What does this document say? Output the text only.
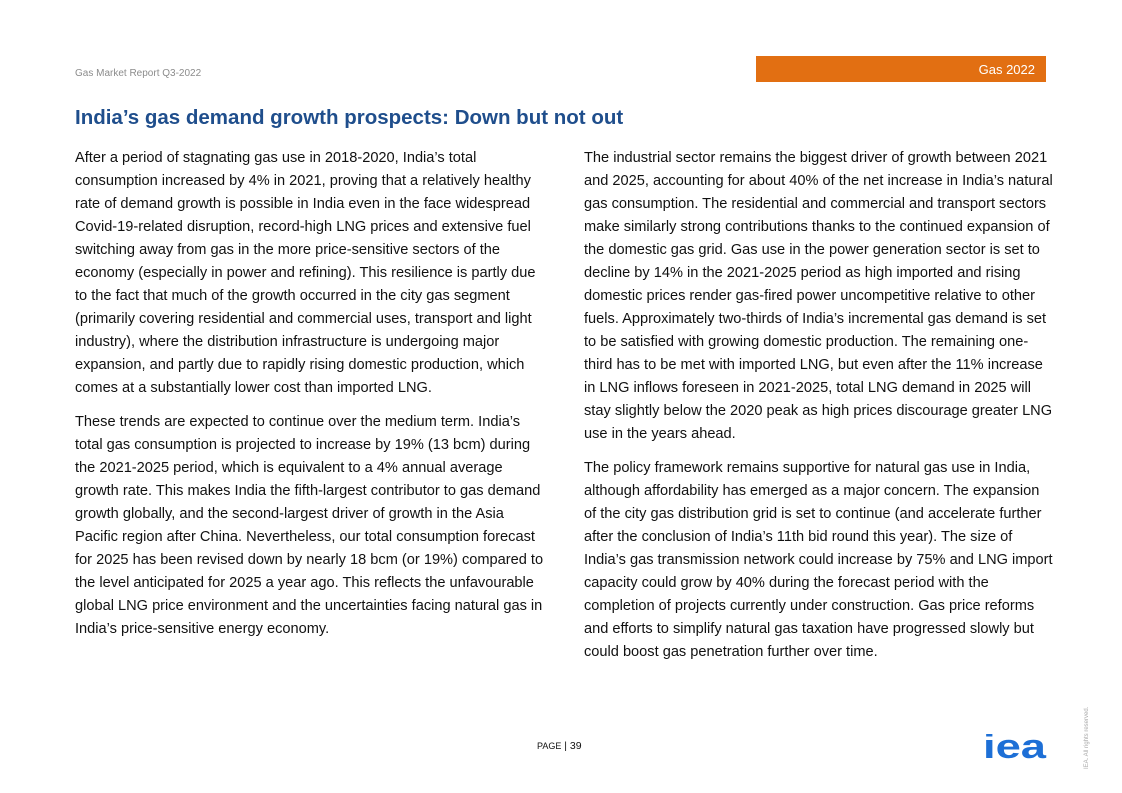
Gas Market Report Q3-2022	Gas 2022
India’s gas demand growth prospects: Down but not out

After a period of stagnating gas use in 2018-2020, India’s total consumption increased by 4% in 2021, proving that a relatively healthy rate of demand growth is possible in India even in the face widespread Covid-19-related disruption, record-high LNG prices and extensive fuel switching away from gas in the more price-sensitive sectors of the economy (especially in power and refining). This resilience is partly due to the fact that much of the growth occurred in the city gas segment (primarily covering residential and commercial uses, transport and light industry), where the distribution infrastructure is undergoing major expansion, and partly due to rapidly rising domestic production, which comes at a substantially lower cost than imported LNG.

These trends are expected to continue over the medium term. India’s total gas consumption is projected to increase by 19% (13 bcm) during the 2021-2025 period, which is equivalent to a 4% annual average growth rate. This makes India the fifth-largest contributor to gas demand growth globally, and the second-largest driver of growth in the Asia Pacific region after China. Nevertheless, our total consumption forecast for 2025 has been revised down by nearly 18 bcm (or 19%) compared to the level anticipated for 2025 a year ago. This reflects the unfavourable global LNG price environment and the uncertainties facing natural gas in India’s price-sensitive energy economy.

The industrial sector remains the biggest driver of growth between 2021 and 2025, accounting for about 40% of the net increase in India’s natural gas consumption. The residential and commercial and transport sectors make similarly strong contributions thanks to the continued expansion of the domestic gas grid. Gas use in the power generation sector is set to decline by 14% in the 2021-2025 period as high imported and rising domestic prices render gas-fired power uncompetitive relative to other fuels. Approximately two-thirds of India’s incremental gas demand is set to be satisfied with growing domestic production. The remaining one-third has to be met with imported LNG, but even after the 11% increase in LNG inflows foreseen in 2021-2025, total LNG demand in 2025 will stay slightly below the 2020 peak as high prices discourage greater LNG use in the years ahead.

The policy framework remains supportive for natural gas use in India, although affordability has emerged as a major concern. The expansion of the city gas distribution grid is set to continue (and accelerate further after the conclusion of India’s 11th bid round this year). The size of India’s gas transmission network could increase by 75% and LNG import capacity could grow by 40% during the forecast period with the completion of projects currently under construction. Gas price reforms and efforts to simplify natural gas taxation have progressed slowly but could boost gas penetration further over time.

PAGE | 39	iea	IEA. All rights reserved.
